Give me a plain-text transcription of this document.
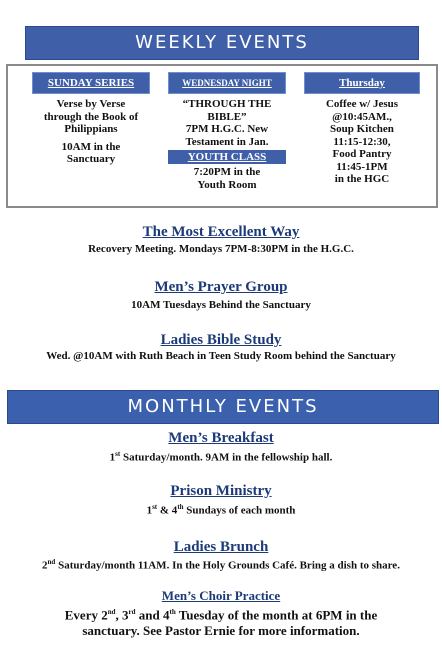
WEEKLY EVENTS
SUNDAY SERIES
Verse by Verse
through the Book of
Philippians
10AM in the
Sanctuary
WEDNESDAY NIGHT
“THROUGH THE
BIBLE”
7PM H.G.C. New
Testament in Jan.
YOUTH CLASS
7:20PM in the
Youth Room
Thursday
Coffee w/ Jesus
@10:45AM.,
Soup Kitchen
11:15-12:30,
Food Pantry
11:45-1PM
in the HGC
The Most Excellent Way
Recovery Meeting. Mondays 7PM-8:30PM in the H.G.C.
Men’s Prayer Group
10AM Tuesdays Behind the Sanctuary
Ladies Bible Study
Wed. @10AM with Ruth Beach in Teen Study Room behind the Sanctuary
MONTHLY EVENTS
Men’s Breakfast
1st Saturday/month. 9AM in the fellowship hall.
Prison Ministry
1st & 4th Sundays of each month
Ladies Brunch
2nd Saturday/month 11AM. In the Holy Grounds Café. Bring a dish to share.
Men’s Choir Practice
Every 2nd, 3rd and 4th Tuesday of the month at 6PM in the
sanctuary. See Pastor Ernie for more information.
